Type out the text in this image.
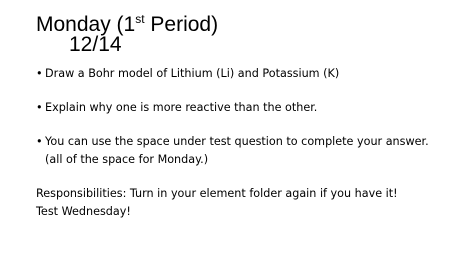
Monday (1st Period)
12/14
• Draw a Bohr model of Lithium (Li) and Potassium (K)
• Explain why one is more reactive than the other.
• You can use the space under test question to complete your answer.
(all of the space for Monday.)
Responsibilities: Turn in your element folder again if you have it!
Test Wednesday!
